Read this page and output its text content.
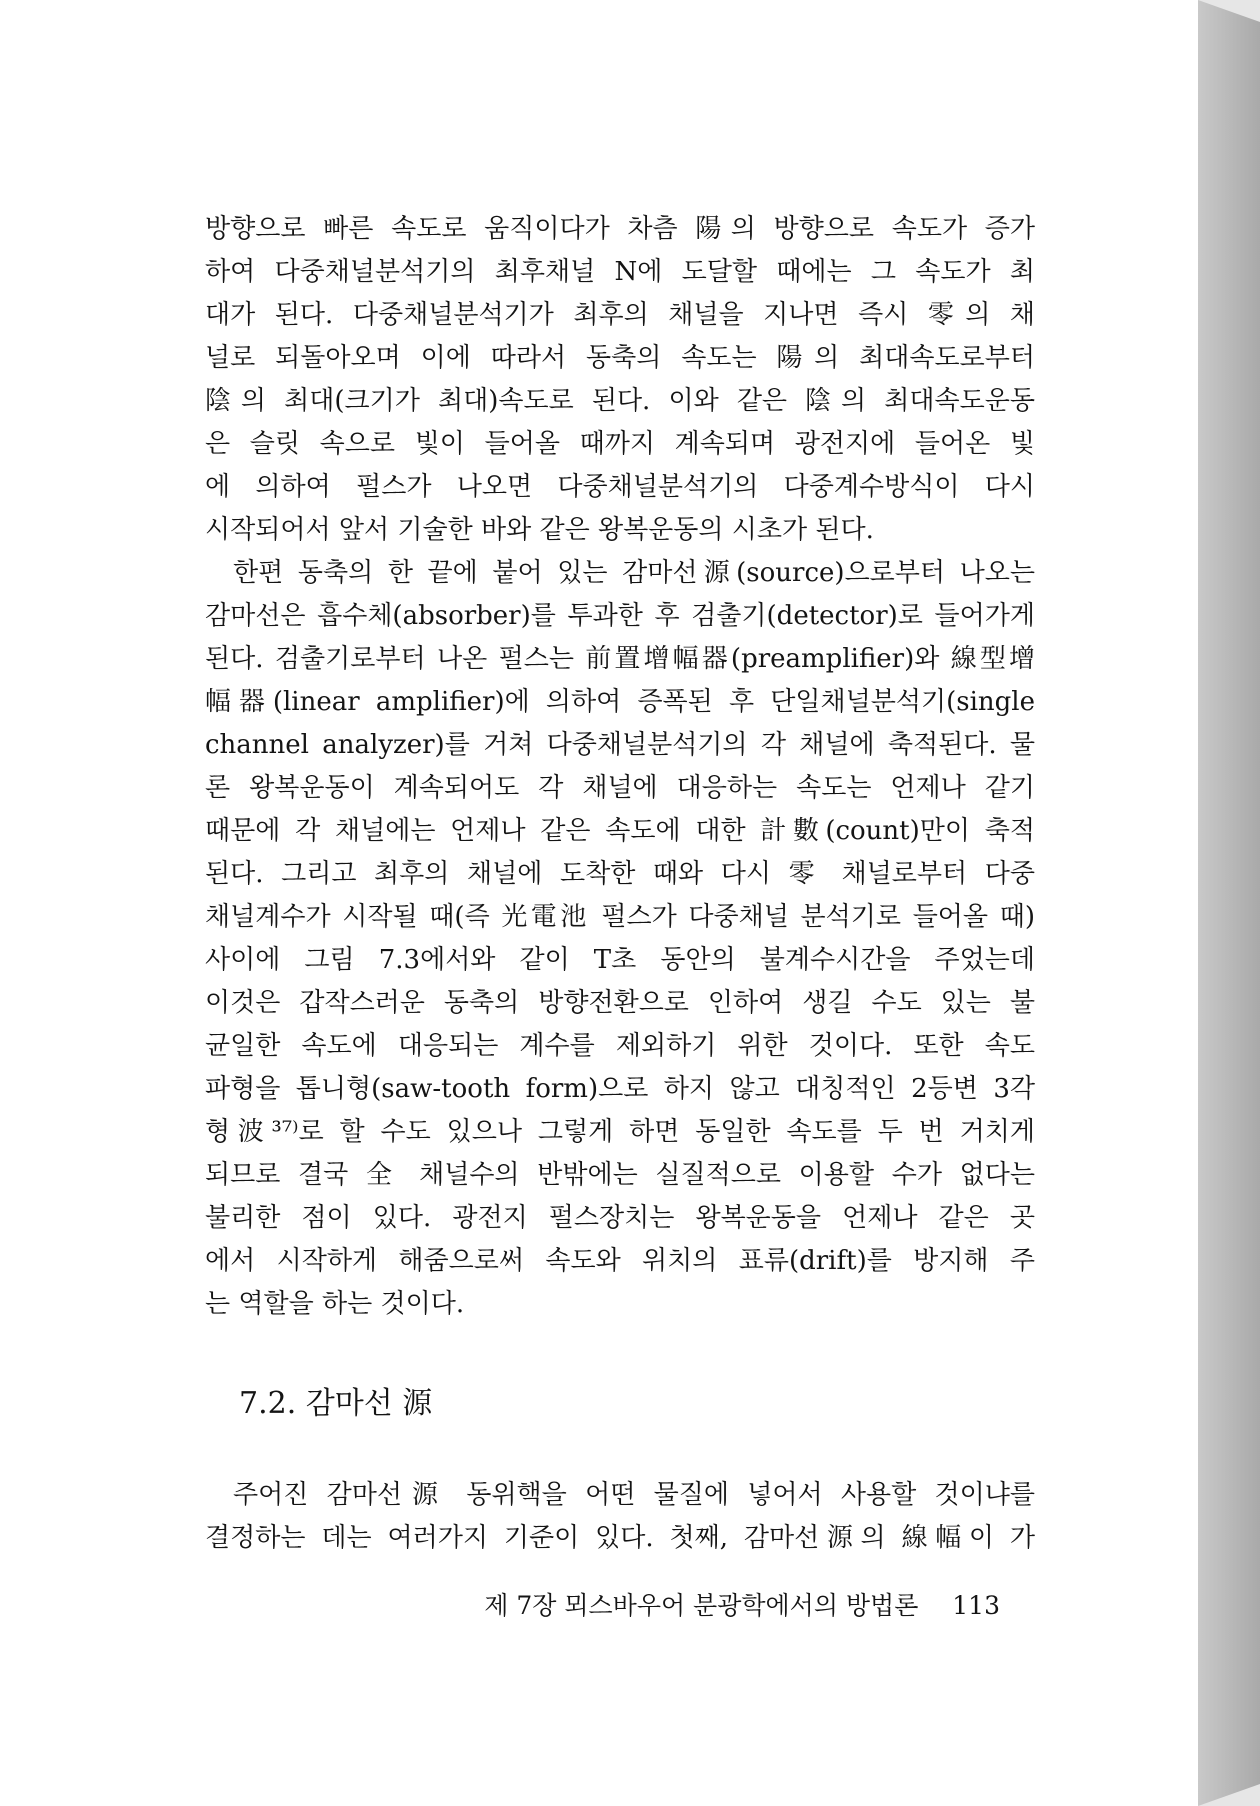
방향으로 빠른 속도로 움직이다가 차츰 陽의 방향으로 속도가 증가
하여 다중채널분석기의 최후채널 N에 도달할 때에는 그 속도가 최
대가 된다. 다중채널분석기가 최후의 채널을 지나면 즉시 零의 채
널로 되돌아오며 이에 따라서 동축의 속도는 陽의 최대속도로부터
陰의 최대(크기가 최대)속도로 된다. 이와 같은 陰의 최대속도운동
은 슬릿 속으로 빛이 들어올 때까지 계속되며 광전지에 들어온 빛
에 의하여 펄스가 나오면 다중채널분석기의 다중계수방식이 다시
시작되어서 앞서 기술한 바와 같은 왕복운동의 시초가 된다.
한편 동축의 한 끝에 붙어 있는 감마선源(source)으로부터 나오는
감마선은 흡수체(absorber)를 투과한 후 검출기(detector)로 들어가게
된다. 검출기로부터 나온 펄스는 前置增幅器(preamplifier)와 線型增
幅器(linear amplifier)에 의하여 증폭된 후 단일채널분석기(single
channel analyzer)를 거쳐 다중채널분석기의 각 채널에 축적된다. 물
론 왕복운동이 계속되어도 각 채널에 대응하는 속도는 언제나 같기
때문에 각 채널에는 언제나 같은 속도에 대한 計數(count)만이 축적
된다. 그리고 최후의 채널에 도착한 때와 다시 零 채널로부터 다중
채널계수가 시작될 때(즉 光電池 펄스가 다중채널 분석기로 들어올 때)
사이에 그림 7.3에서와 같이 T초 동안의 불계수시간을 주었는데
이것은 갑작스러운 동축의 방향전환으로 인하여 생길 수도 있는 불
균일한 속도에 대응되는 계수를 제외하기 위한 것이다. 또한 속도
파형을 톱니형(saw-tooth form)으로 하지 않고 대칭적인 2등변 3각
형波³⁷⁾로 할 수도 있으나 그렇게 하면 동일한 속도를 두 번 거치게
되므로 결국 全 채널수의 반밖에는 실질적으로 이용할 수가 없다는
불리한 점이 있다. 광전지 펄스장치는 왕복운동을 언제나 같은 곳
에서 시작하게 해줌으로써 속도와 위치의 표류(drift)를 방지해 주
는 역할을 하는 것이다.
7.2. 감마선 源
주어진 감마선源 동위핵을 어떤 물질에 넣어서 사용할 것이냐를
결정하는 데는 여러가지 기준이 있다. 첫째, 감마선源의 線幅이 가
제 7장 뫼스바우어 분광학에서의 방법론 113
